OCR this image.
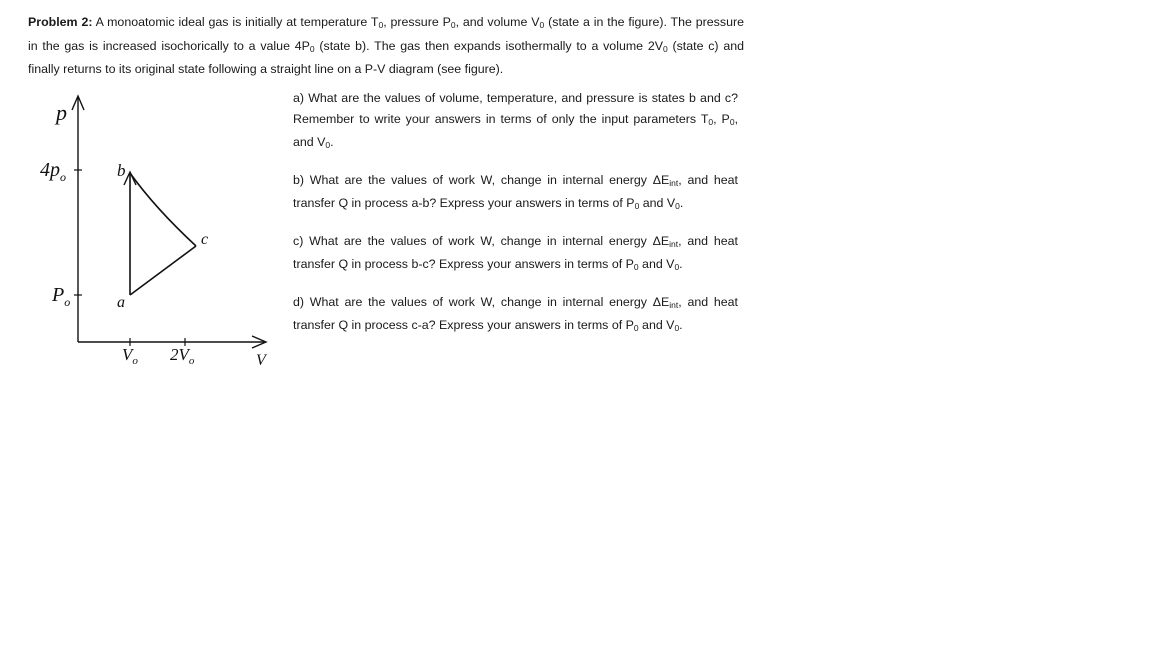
Problem 2: A monoatomic ideal gas is initially at temperature $T_0$, pressure $P_0$, and volume $V_0$ (state a in the figure). The pressure in the gas is increased isochorically to a value $4P_0$ (state b). The gas then expands isothermally to a volume $2V_0$ (state c) and finally returns to its original state following a straight line on a P-V diagram (see figure).
p
V
$4p_o$
$P_o$
$V_o$ $2V_o$
a
b
c

a) What are the values of volume, temperature, and pressure is states b and c? Remember to write your answers in terms of only the input parameters $T_0$, $P_0$, and $V_0$.

b) What are the values of work W, change in internal energy $\Delta E_{int}$, and heat transfer Q in process a-b? Express your answers in terms of $P_0$ and $V_0$.

c) What are the values of work W, change in internal energy $\Delta E_{int}$, and heat transfer Q in process b-c? Express your answers in terms of $P_0$ and $V_0$.

d) What are the values of work W, change in internal energy $\Delta E_{int}$, and heat transfer Q in process c-a? Express your answers in terms of $P_0$ and $V_0$.
